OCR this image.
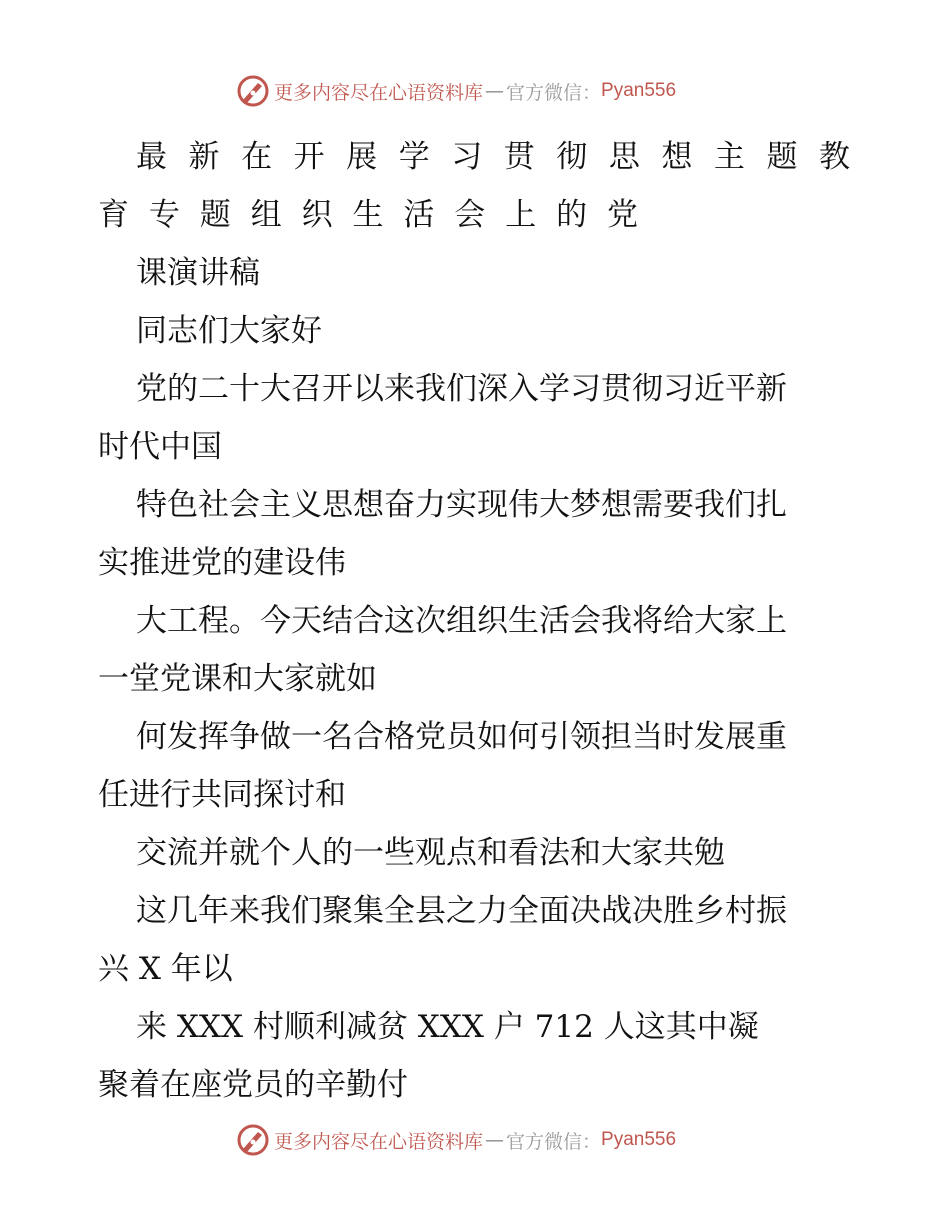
更多内容尽在心语资料库 — 官方微信： Pyan556
最 新 在 开 展 学 习 贯 彻 思 想 主 题 教
育 专 题 组 织 生 活 会 上 的 党
课演讲稿
同志们大家好
党的二十大召开以来我们深入学习贯彻习近平新
时代中国
特色社会主义思想奋力实现伟大梦想需要我们扎
实推进党的建设伟
大工程。今天结合这次组织生活会我将给大家上
一堂党课和大家就如
何发挥争做一名合格党员如何引领担当时发展重
任进行共同探讨和
交流并就个人的一些观点和看法和大家共勉
这几年来我们聚集全县之力全面决战决胜乡村振
兴 X 年以
来 XXX 村顺利减贫 XXX 户 712 人这其中凝
聚着在座党员的辛勤付
更多内容尽在心语资料库 — 官方微信： Pyan556
